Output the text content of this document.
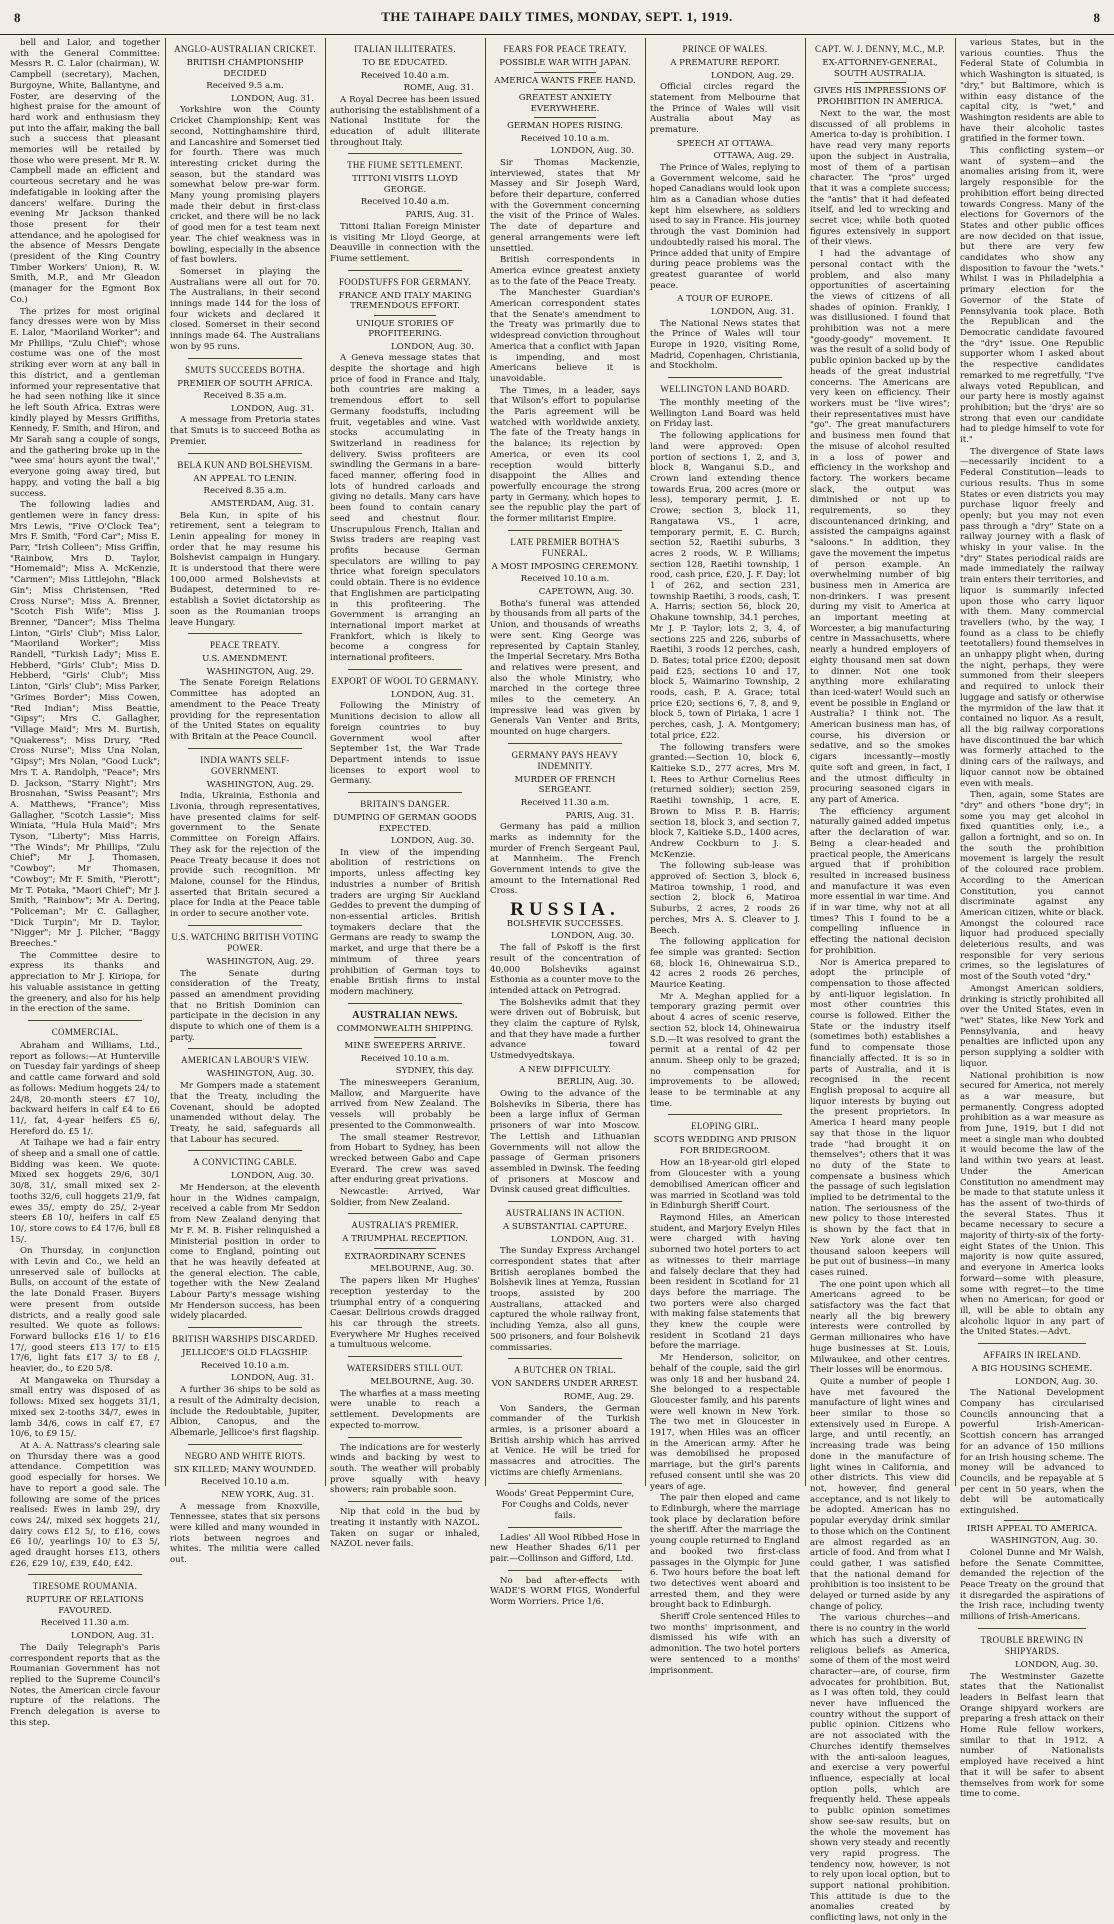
8	THE TAIHAPE DAILY TIMES, MONDAY, SEPT. 1, 1919.	8

bell and Lalor, and together with the General Committee: Messrs R. C. Lalor (chairman), W. Campbell (secretary), Machen, Burgoyne, White, Ballantyne, and Foster, are deserving of the highest praise for the amount of hard work and enthusiasm they put into the affair, making the ball such a success that pleasant memories will be retailed by those who were present. Mr R. W. Campbell made an efficient and courteous secretary and he was indefatigable in looking after the dancers' welfare. During the evening Mr Jackson thanked those present for their attendance, and he apologised for the absence of Messrs Dengate (president of the King Country Timber Workers' Union), R. W. Smith, M.P., and Mr Gleadon (manager for the Egmont Box Co.)

The prizes for most original fancy dresses were won by Miss E. Lalor, "Maoriland Worker"; and Mr Phillips, "Zulu Chief"; whose costume was one of the most striking ever worn at any ball in this district, and a gentleman informed your representative that he had seen nothing like it since he left South Africa. Extras were kindly played by Messrs Griffiths, Kennedy, F. Smith, and Hiron, and Mr Sarah sang a couple of songs, and the gathering broke up in the "wee sma' hours ayont the twal'," everyone going away tired, but happy, and voting the ball a big success.

The following ladies and gentlemen were in fancy dress: Mrs Lewis, "Five O'Clock Tea"; Mrs F. Smith, "Ford Car"; Miss E. Parr, "Irish Colleen"; Miss Griffin, "Rainbow, Mrs D. Taylor, "Homemaid"; Miss A. McKenzie, "Carmen"; Miss Littlejohn, "Black Gin"; Miss Christensen, "Red Cross Nurse"; Miss A. Brenner, "Scotch Fish Wife"; Miss J. Brenner, "Dancer"; Miss Thelma Linton, "Girls' Club"; Miss Lalor, "Maoriland Worker"; Miss Randell, "Turkish Lady"; Miss E. Hebberd, "Girls' Club"; Miss D. Hebberd, "Girls' Club"; Miss Linton, "Girls' Club"; Miss Parker, "Grimes Border"; Miss Cowen, "Red Indian"; Miss Beattie, "Gipsy"; Mrs C. Gallagher, "Village Maid"; Mrs M. Burtish, "Quakeress"; Miss Drury, "Red Cross Nurse"; Miss Una Nolan, "Gipsy"; Mrs Nolan, "Good Luck"; Mrs T. A. Randolph, "Peace"; Mrs D. Jackson, "Starry Night"; Mrs Brosnahan, "Swiss Peasant"; Mrs A. Matthews, "France"; Miss Gallagher, "Scotch Lassie"; Miss Winiata, "Hula Hula Maid"; Mrs Tyson, "Liberty"; Miss Harris, "The Winds"; Mr Phillips, "Zulu Chief"; Mr J. Thomasen, "Cowboy"; Mr Thomasen, "Cowboy"; Mr F. Smith, "Pierott"; Mr T. Potaka, "Maori Chief"; Mr J. Smith, "Rainbow"; Mr A. Dering, "Policeman"; Mr C. Gallagher, "Dick Turpin"; Mr D. Taylor, "Nigger"; Mr J. Pilcher, "Baggy Breeches."

The Committee desire to express its thanks and appreciation to Mr J. Kiriopa, for his valuable assistance in getting the greenery, and also for his help in the erection of the same.

COMMERCIAL.

Abraham and Williams, Ltd., report as follows:—At Hunterville on Tuesday fair yardings of sheep and cattle came forward and sold as follows: Medium hoggets 24/ to 24/8, 20-month steers £7 10/, backward heifers in calf £4 to £6 11/, fat, 4-year heifers £5 6/, Hereford do. £5 1/.

At Taihape we had a fair entry of sheep and a small one of cattle. Bidding was keen. We quote: Mixed sex hoggets 29/6, 30/1 30/8, 31/, small mixed sex 2-tooths 32/6, cull hoggets 21/9, fat ewes 35/, empty do 25/, 2-year steers £8 10/, heifers in calf £5 10/, store cows to £4 17/6, bull £8 15/.

On Thursday, in conjunction with Levin and Co., we held an unreserved sale of bullocks at Bulls, on account of the estate of the late Donald Fraser. Buyers were present from outside districts, and a really good sale resulted. We quote as follows: Forward bullocks £16 1/ to £16 17/, good steers £13 17/ to £15 17/6, light fats £17 3/ to £8 /, heavier, do., to £20 5/8.

At Mangaweka on Thursday a small entry was disposed of as follows: Mixed sex hoggets 31/1, mixed sex 2-tooths 34/7, ewes in lamb 34/6, cows in calf £7, £7 10/6, to £9 15/.

At A. A. Nattrass's clearing sale on Thursday there was a good attendance. Competition was good especially for horses. We have to report a good sale. The following are some of the prices realised: Ewes in lamb 29/, dry cows 24/, mixed sex hoggets 21/, dairy cows £12 5/, to £16, cows £6 10/, yearlings 10/ to £3 5/, aged draught horses £13, others £26, £29 10/, £39, £40, £42.

TIRESOME ROUMANIA.
RUPTURE OF RELATIONS FAVOURED.
Received 11.30 a.m.
LONDON, Aug. 31.

The Daily Telegraph's Paris correspondent reports that as the Roumanian Government has not replied to the Supreme Council's Notes, the American circle favour rupture of the relations. The French delegation is averse to this step.

ANGLO-AUSTRALIAN CRICKET.
BRITISH CHAMPIONSHIP DECIDED
Received 9.5 a.m.
LONDON, Aug. 31.

Yorkshire won the County Cricket Championship; Kent was second, Nottinghamshire third, and Lancashire and Somerset tied for fourth. There was much interesting cricket during the season, but the standard was somewhat below pre-war form. Many young promising players made their debut in first-class cricket, and there will be no lack of good men for a test team next year. The chief weakness was in bowling, especially in the absence of fast bowlers.

Somerset in playing the Australians were all out for 70. The Australians, in their second innings made 144 for the loss of four wickets and declared it closed. Somerset in their second innings made 64. The Australians won by 95 runs.

SMUTS SUCCEEDS BOTHA.
PREMIER OF SOUTH AFRICA.
Received 8.35 a.m.
LONDON, Aug. 31.

A message from Pretoria states that Smuts is to succeed Botha as Premier.

BELA KUN AND BOLSHEVISM.
AN APPEAL TO LENIN.
Received 8.35 a.m.
AMSTERDAM, Aug. 31.

Bela Kun, in spite of his retirement, sent a telegram to Lenin appealing for money in order that he may resume his Bolshevist campaign in Hungary. It is understood that there were 100,000 armed Bolshevists at Budapest, determined to re-establish a Soviet dictatorship as soon as the Roumanian troops leave Hungary.

PEACE TREATY.
U.S. AMENDMENT.
WASHINGTON, Aug. 29.

The Senate Foreign Relations Committee has adopted an amendment to the Peace Treaty providing for the representation of the United States on equality with Britain at the Peace Council.

INDIA WANTS SELF-GOVERNMENT.
WASHINGTON, Aug. 29.

India, Ukrainia, Esthonia and Livonia, through representatives, have presented claims for self-government to the Senate Committee on Foreign Affairs. They ask for the rejection of the Peace Treaty because it does not provide such recognition. Mr Malone, counsel for the Hindus, asserted that Britain secured a place for India at the Peace table in order to secure another vote.

U.S. WATCHING BRITISH VOTING POWER.
WASHINGTON, Aug. 29.

The Senate during consideration of the Treaty, passed an amendment providing that no British Dominion can participate in the decision in any dispute to which one of them is a party.

AMERICAN LABOUR'S VIEW.
WASHINGTON, Aug. 30.

Mr Gompers made a statement that the Treaty, including the Covenant, should be adopted unamended without delay. The Treaty, he said, safeguards all that Labour has secured.

A CONVICTING CABLE.
LONDON, Aug. 30.

Mr Henderson, at the eleventh hour in the Widnes campaign, received a cable from Mr Seddon from New Zealand denying that Mr F. M. B. Fisher relinquished a Ministerial position in order to come to England, pointing out that he was heavily defeated at the general election. The cable, together with the New Zealand Labour Party's message wishing Mr Henderson success, has been widely placarded.

BRITISH WARSHIPS DISCARDED.
JELLICOE'S OLD FLAGSHIP.
Received 10.10 a.m.
LONDON, Aug. 31.

A further 36 ships to be sold as a result of the Admiralty decision, include the Redoubtable, Jupiter, Albion, Canopus, and the Albemarle, Jellicoe's first flagship.

NEGRO AND WHITE RIOTS.
SIX KILLED; MANY WOUNDED.
Received 10.10 a.m.
NEW YORK, Aug. 31.

A message from Knoxville, Tennessee, states that six persons were killed and many wounded in riots between negroes and whites. The militia were called out.

ITALIAN ILLITERATES.
TO BE EDUCATED.
Received 10.40 a.m.
ROME, Aug. 31.

A Royal Decree has been issued authorising the establishment of a National Institute for the education of adult illiterate throughout Italy.

THE FIUME SETTLEMENT.
TITTONI VISITS LLOYD GEORGE.
Received 10.40 a.m.
PARIS, Aug. 31.

Tittoni Italian Foreign Minister is visiting Mr Lloyd George, at Deauville in connection with the Fiume settlement.

FOODSTUFFS FOR GERMANY.
FRANCE AND ITALY MAKING TREMENDOUS EFFORT.
UNIQUE STORIES OF PROFITEERING.
LONDON, Aug. 30.

A Geneva message states that despite the shortage and high price of food in France and Italy, both countries are making a tremendous effort to sell Germany foodstuffs, including fruit, vegetables and wine. Vast stocks accumulating in Switzerland in readiness for delivery. Swiss profiteers are swindling the Germans in a bare-faced manner, offering food in lots of hundred carloads and giving no details. Many cars have been found to contain canary seed and chestnut flour. Unscrupulous French, Italian and Swiss traders are reaping vast profits because German speculators are willing to pay thrice what foreign speculators could obtain. There is no evidence that Englishmen are participating in this profiteering. The Government is arranging an international import market at Frankfort, which is likely to become a congress for international profiteers.

EXPORT OF WOOL TO GERMANY.
LONDON, Aug. 31.

Following the Ministry of Munitions decision to allow all foreign countries to buy Government wool after September 1st, the War Trade Department intends to issue licenses to export wool to Germany.

BRITAIN'S DANGER.
DUMPING OF GERMAN GOODS EXPECTED.
LONDON, Aug. 30.

In view of the impending abolition of restrictions on imports, unless affecting key industries a number of British traders are urging Sir Auckland Geddes to prevent the dumping of non-essential articles. British toymakers declare that the Germans are ready to swamp the market, and urge that there be a minimum of three years prohibition of German toys to enable British firms to instal modern machinery.

AUSTRALIAN NEWS.
COMMONWEALTH SHIPPING.
MINE SWEEPERS ARRIVE.
Received 10.10 a.m.
SYDNEY, this day.

The minesweepers Geranium, Mallow, and Marguerite have arrived from New Zealand. The vessels will probably be presented to the Commonwealth.

The small steamer Restrevor, from Hobart to Sydney, has been wrecked between Gabo and Cape Everard. The crew was saved after enduring great privations.

Newcastle: Arrived, War Soldier, from New Zealand.

AUSTRALIA'S PREMIER.
A TRIUMPHAL RECEPTION.
EXTRAORDINARY SCENES
MELBOURNE, Aug. 30.

The papers liken Mr Hughes' reception yesterday to the triumphal entry of a conquering Caesar. Delirious crowds dragged his car through the streets. Everywhere Mr Hughes received a tumultuous welcome.

WATERSIDERS STILL OUT.
MELBOURNE, Aug. 30.

The wharfies at a mass meeting were unable to reach a settlement. Developments are expected to-morrow.

The indications are for westerly winds and backing by west to south. The weather will probably prove squally with heavy showers; rain probable soon.

Nip that cold in the bud by treating it instantly with NAZOL. Taken on sugar or inhaled, NAZOL never fails.

FEARS FOR PEACE TREATY.
POSSIBLE WAR WITH JAPAN.
AMERICA WANTS FREE HAND.
GREATEST ANXIETY EVERYWHERE.
GERMAN HOPES RISING.
Received 10.10 a.m.
LONDON, Aug. 30.

Sir Thomas Mackenzie, interviewed, states that Mr Massey and Sir Joseph Ward, before their departure, conferred with the Government concerning the visit of the Prince of Wales. The date of departure and general arrangements were left unsettled.

British correspondents in America evince greatest anxiety as to the fate of the Peace Treaty.

The Manchester Guardian's American correspondent states that the Senate's amendment to the Treaty was primarily due to widespread conviction throughout America that a conflict with Japan is impending, and most Americans believe it is unavoidable.

The Times, in a leader, says that Wilson's effort to popularise the Paris agreement will be watched with worldwide anxiety. The fate of the Treaty hangs in the balance; its rejection by America, or even its cool reception would bitterly disappoint the Allies and powerfully encourage the strong party in Germany, which hopes to see the republic play the part of the former militarist Empire.

LATE PREMIER BOTHA'S FUNERAL.
A MOST IMPOSING CEREMONY.
Received 10.10 a.m.
CAPETOWN, Aug. 30.

Botha's funeral was attended by thousands from all parts of the Union, and thousands of wreaths were sent. King George was represented by Captain Stanley, the Imperial Secretary. Mrs Botha and relatives were present, and also the whole Ministry, who marched in the cortege three miles to the cemetery. An impressive lead was given by Generals Van Venter and Brits, mounted on huge chargers.

GERMANY PAYS HEAVY INDEMNITY.
MURDER OF FRENCH SERGEANT.
Received 11.30 a.m.
PARIS, Aug. 31.

Germany has paid a million marks as indemnity for the murder of French Sergeant Paul, at Mannheim. The French Government intends to give the amount to the International Red Cross.

RUSSIA.
BOLSHEVIK SUCCESSES.
LONDON, Aug. 30.

The fall of Pskoff is the first result of the concentration of 40,000 Bolsheviks against Esthonia as a counter move to the intended attack on Petrograd.

The Bolsheviks admit that they were driven out of Bobruisk, but they claim the capture of Rylsk, and that they have made a further advance toward Ustmedvyedtskaya.

A NEW DIFFICULTY.
BERLIN, Aug. 30.

Owing to the advance of the Bolsheviks in Siberia, there has been a large influx of German prisoners of war into Moscow. The Lettish and Lithuanian Governments will not allow the passage of German prisoners assembled in Dwinsk. The feeding of prisoners at Moscow and Dvinsk caused great difficulties.

AUSTRALIANS IN ACTION.
A SUBSTANTIAL CAPTURE.
LONDON, Aug. 31.

The Sunday Express Archangel correspondent states that after British aeroplanes bombed the Bolshevik lines at Yemza, Russian troops, assisted by 200 Australians, attacked and captured the whole railway front, including Yemza, also all guns, 500 prisoners, and four Bolshevik commissaries.

A BUTCHER ON TRIAL.
VON SANDERS UNDER ARREST.
ROME, Aug. 29.

Von Sanders, the German commander of the Turkish armies, is a prisoner aboard a British airship which has arrived at Venice. He will be tried for massacres and atrocities. The victims are chiefly Armenians.

Woods' Great Peppermint Cure, For Coughs and Colds, never fails.

Ladies' All Wool Ribbed Hose in new Heather Shades 6/11 per pair.—Collinson and Gifford, Ltd.

No bad after-effects with WADE'S WORM FIGS, Wonderful Worm Worriers. Price 1/6.

PRINCE OF WALES.
A PREMATURE REPORT.
LONDON, Aug. 29.

Official circles regard the statement from Melbourne that the Prince of Wales will visit Australia about May as premature.

SPEECH AT OTTAWA.
OTTAWA, Aug. 29.

The Prince of Wales, replying to a Government welcome, said he hoped Canadians would look upon him as a Canadian whose duties kept him elsewhere, as soldiers used to say in France. His journey through the vast Dominion had undoubtedly raised his moral. The Prince added that unity of Empire during peace problems was the greatest guarantee of world peace.

A TOUR OF EUROPE.
LONDON, Aug. 31.

The National News states that the Prince of Wales will tour Europe in 1920, visiting Rome, Madrid, Copenhagen, Christiania, and Stockholm.

WELLINGTON LAND BOARD.

The monthly meeting of the Wellington Land Board was held on Friday last.

The following applications for land were approved: Open portion of sections 1, 2, and 3, block 8, Wanganui S.D., and Crown land extending thence towards Erua, 200 acres (more or less), temporary permit, J. E. Crowe; section 3, block 11, Rangatawa VS., 1 acre, temporary permit, E. C. Burch; section 52, Raetihi suburbs, 3 acres 2 roods, W. P. Williams; section 128, Raetihi township, 1 rood, cash price, £20, J. F. Day; lot 1 of 262, and section 231, township Raetihi, 3 roods, cash, T. A. Harris; section 56, block 20, Ohakune township, 34.1 perches, Mr J. P. Taylor; lots 2, 3, 4, of sections 225 and 226, suburbs of Raetihi, 3 roods 12 perches, cash, D. Bates; total price £200; deposit paid £25, sections 10 and 17, block 5, Waimarino Township, 2 roods, cash, P. A. Grace; total price £20; sections 6, 7, 8, and 9, block 5, town of Piriaka, 1 acre 1 perches, cash, J. A. Montgomery; total price, £22.

The following transfers were granted:—Section 10, block 6, Kaitieke S.D., 277 acres, Mrs M. I. Rees to Arthur Cornelius Rees (returned soldier); section 259, Raetihi township, 1 acre, E. Brown to Miss P. B. Harris; section 18, block 3, and section 7, block 7, Kaitieke S.D., 1400 acres, Andrew Cockburn to J. S. McKenzie.

The following sub-lease was approved of: Section 3, block 6, Matiroa township, 1 rood, and section 2, block 6, Matiroa Suburbs, 2 acres, 2 roods 26 perches, Mrs A. S. Cleaver to J. Beech.

The following application for fee simple was granted: Section 68, block 16, Ohinewairua S.D., 42 acres 2 roods 26 perches, Maurice Keating.

Mr A. Meghan applied for a temporary grazing permit over about 4 acres of scenic reserve, section 52, block 14, Ohinewairua S.D.—It was resolved to grant the permit at a rental of 42 per annum. Sheep only to be grazed; no compensation for improvements to be allowed; lease to be terminable at any time.

ELOPING GIRL.
SCOTS WEDDING AND PRISON FOR BRIDEGROOM.

How an 18-year-old girl eloped from Gloucester with a young demobilised American officer and was married in Scotland was told in Edinburgh Sheriff Court.

Raymond Hiles, an American student, and Marjory Evelyn Hiles were charged with having suborned two hotel porters to act as witnesses to their marriage and falsely declare that they had been resident in Scotland for 21 days before the marriage. The two porters were also charged with making false statements that they knew the couple were resident in Scotland 21 days before the marriage.

Mr Henderson, solicitor, on behalf of the couple, said the girl was only 18 and her husband 24. She belonged to a respectable Gloucester family, and his parents were well known in New York. The two met in Gloucester in 1917, when Hiles was an officer in the American army. After he was demobilised he proposed marriage, but the girl's parents refused consent until she was 20 years of age.

The pair then eloped and came to Edinburgh, where the marriage took place by declaration before the sheriff. After the marriage the young couple returned to England and booked two first-class passages in the Olympic for June 6. Two hours before the boat left two detectives went aboard and arrested them, and they were brought back to Edinburgh.

Sheriff Crole sentenced Hiles to two months' imprisonment, and dismissed his wife with an admonition. The two hotel porters were sentenced to a months' imprisonment.

CAPT. W. J. DENNY, M.C., M.P.
EX-ATTORNEY-GENERAL, SOUTH AUSTRALIA.
GIVES HIS IMPRESSIONS OF PROHIBITION IN AMERICA.

Next to the war, the most discussed of all problems in America to-day is prohibition. I have read very many reports upon the subject in Australia, most of them of a partisan character. The "pros" urged that it was a complete success; the "antis" that it had defeated itself, and led to wrecking and secret vice; while both quoted figures extensively in support of their views.

I had the advantage of personal contact with the problem, and also many opportunities of ascertaining the views of citizens of all shades of opinion. Frankly, I was disillusioned. I found that prohibition was not a mere "goody-goody" movement. It was the result of a solid body of public opinion backed up by the heads of the great industrial concerns. The Americans are very keen on efficiency. Their workers must be "live wires"; their representatives must have "go". The great manufacturers and business men found that the misuse of alcohol resulted in a loss of power and efficiency in the workshop and factory. The workers became slack, the output was diminished or not up to requirements, so they discountenanced drinking, and assisted the campaigns against "saloons." In addition, they gave the movement the impetus of person example. An overwhelming number of big business men in America are non-drinkers. I was present during my visit to America at an important meeting at Worcester, a big manufacturing centre in Massachusetts, where nearly a hundred employers of eighty thousand men sat down to dinner. Not one took anything more exhilarating than iced-water! Would such an event be possible in England or Australia? I think not. The American business man has, of course, his diversion or sedative, and so the smokes cigars incessantly—mostly quite soft and green, in fact, I and the utmost difficulty in procuring seasoned cigars in any part of America.

The efficiency argument naturally gained added impetus after the declaration of war. Being a clear-headed and practical people, the Americans argued that if prohibition resulted in increased business and manufacture it was even more essential in war time. And if in war time, why not at all times? This I found to be a compelling influence in effecting the national decision for prohibition.

Nor is America prepared to adopt the principle of compensation to those affected by anti-liquor legislation. In most other countries this course is followed. Either the State or the industry itself (sometimes both) establishes a fund to compensate those financially affected. It is so in parts of Australia, and it is recognised in the recent English proposal to acquire all liquor interests by buying out the present proprietors. In America I heard many people say that those in the liquor trade "had brought it on themselves"; others that it was no duty of the State to compensate a business which the passage of such legislation implied to be detrimental to the nation. The seriousness of the new policy to those interested is shown by the fact that in New York alone over ten thousand saloon keepers will be put out of business—in many cases ruined.

The one point upon which all Americans agreed to be satisfactory was the fact that nearly all the big brewery interests were controlled by German millionaires who have huge businesses at St. Louis, Milwaukee, and other centres. Their losses will be enormous.

Quite a number of people I have met favoured the manufacture of light wines and beer similar to those so extensively used in Europe. A large, and until recently, an increasing trade was being done in the manufacture of light wines in California, and other districts. This view did not, however, find general acceptance, and is not likely to be adopted. American has no popular everyday drink similar to those which on the Continent are almost regarded as an article of food. And from what I could gather, I was satisfied that the national demand for prohibition is too insistent to be delayed or turned aside by any change of policy.

The various churches—and there is no country in the world which has such a diversity of religious beliefs as America, some of them of the most weird character—are, of course, firm advocates for prohibition. But, as I was often told, they could never have influenced the country without the support of public opinion. Citizens who are not associated with the Churches identify themselves with the anti-saloon leagues, and exercise a very powerful influence, especially at local option polls, which are frequently held. These appeals to public opinion sometimes show see-saw results, but on the whole the movement has shown very steady and recently very rapid progress. The tendency now, however, is not to rely upon local option, but to support national prohibition. This attitude is due to the anomalies created by conflicting laws, not only in the

various States, but in the various counties. Thus the Federal State of Columbia in which Washington is situated, is "dry," but Baltimore, which is within easy distance of the capital city, is "wet," and Washington residents are able to have their alcoholic tastes gratified in the former town.

This conflicting system—or want of system—and the anomalies arising from it, were largely responsible for the prohibition effort being directed towards Congress. Many of the elections for Governors of the States and other public offices are now decided on that issue, but there are very few candidates who show any disposition to favour the "wets." Whilst I was in Philadelphia a primary election for the Governor of the State of Pennsylvania took place. Both the Republican and the Democratic candidate favoured the "dry" issue. One Republic supporter whom I asked about the respective candidates remarked to me regretfully, "I've always voted Republican, and our party here is mostly against prohibition; but the 'drys' are so strong that even our candidate had to pledge himself to vote for it."

The divergence of State laws—necessarily incident to a Federal Constitution—leads to curious results. Thus in some States or even districts you may purchase liquor freely and openly; but you may not even pass through a "dry" State on a railway journey with a flask of whisky in your valise. In the "dry" States periodical raids are made immediately the railway train enters their territories, and liquor is summarily infected upon those who carry liquor with them. Many commercial travellers (who, by the way, I found as a class to be chiefly teetotallers) found themselves in an unhappy plight when, during the night, perhaps, they were summoned from their sleepers and required to unlock their luggage and satisfy or otherwise the myrmidon of the law that it contained no liquor. As a result, all the big railway corporations have discontinued the bar which was formerly attached to the dining cars of the railways, and liquor cannot now be obtained even with meals.

Then, again, some States are "dry" and others "bone dry"; in some you may get alcohol in fixed quantities only, i.e., a gallon a fortnight, and so on. In the south the prohibition movement is largely the result of the coloured race problem. According to the American Constitution, you cannot discriminate against any American citizen, white or black. Amongst the coloured race liquor had produced specially deleterious results, and was responsible for very serious crimes, so the legislatures of most of the South voted "dry."

Amongst American soldiers, drinking is strictly prohibited all over the United States, even in "wet" States, like New York and Pennsylvania, and heavy penalties are inflicted upon any person supplying a soldier with liquor.

National prohibition is now secured for America, not merely as a war measure, but permanently. Congress adopted prohibition as a war measure as from June, 1919, but I did not meet a single man who doubted it would become the law of the land within two years at least. Under the American Constitution no amendment may be made to that statute unless it has the assent of two-thirds of the several States. Thus it became necessary to secure a majority of thirty-six of the forty-eight States of the Union. This majority is now quite assured, and everyone in America looks forward—some with pleasure, some with regret—to the time when no American, for good or ill, will be able to obtain any alcoholic liquor in any part of the United States.—Advt.

AFFAIRS IN IRELAND.
A BIG HOUSING SCHEME.
LONDON, Aug. 30.

The National Development Company has circularised Councils announcing that a powerful Irish-American-Scottish concern has arranged for an advance of 150 millions for an Irish housing scheme. The money will be advanced to Councils, and be repayable at 5 per cent in 50 years, when the debt will be automatically extinguished.

IRISH APPEAL TO AMERICA.
WASHINGTON, Aug. 30.

Colonel Dunne and Mr Walsh, before the Senate Committee, demanded the rejection of the Peace Treaty on the ground that it disregarded the aspirations of the Irish race, including twenty millions of Irish-Americans.

TROUBLE BREWING IN SHIPYARDS.
LONDON, Aug. 30.

The Westminster Gazette states that the Nationalist leaders in Belfast learn that Orange shipyard workers are preparing a fresh attack on their Home Rule fellow workers, similar to that in 1912. A number of Nationalists employed have received a hint that it will be safer to absent themselves from work for some time to come.
